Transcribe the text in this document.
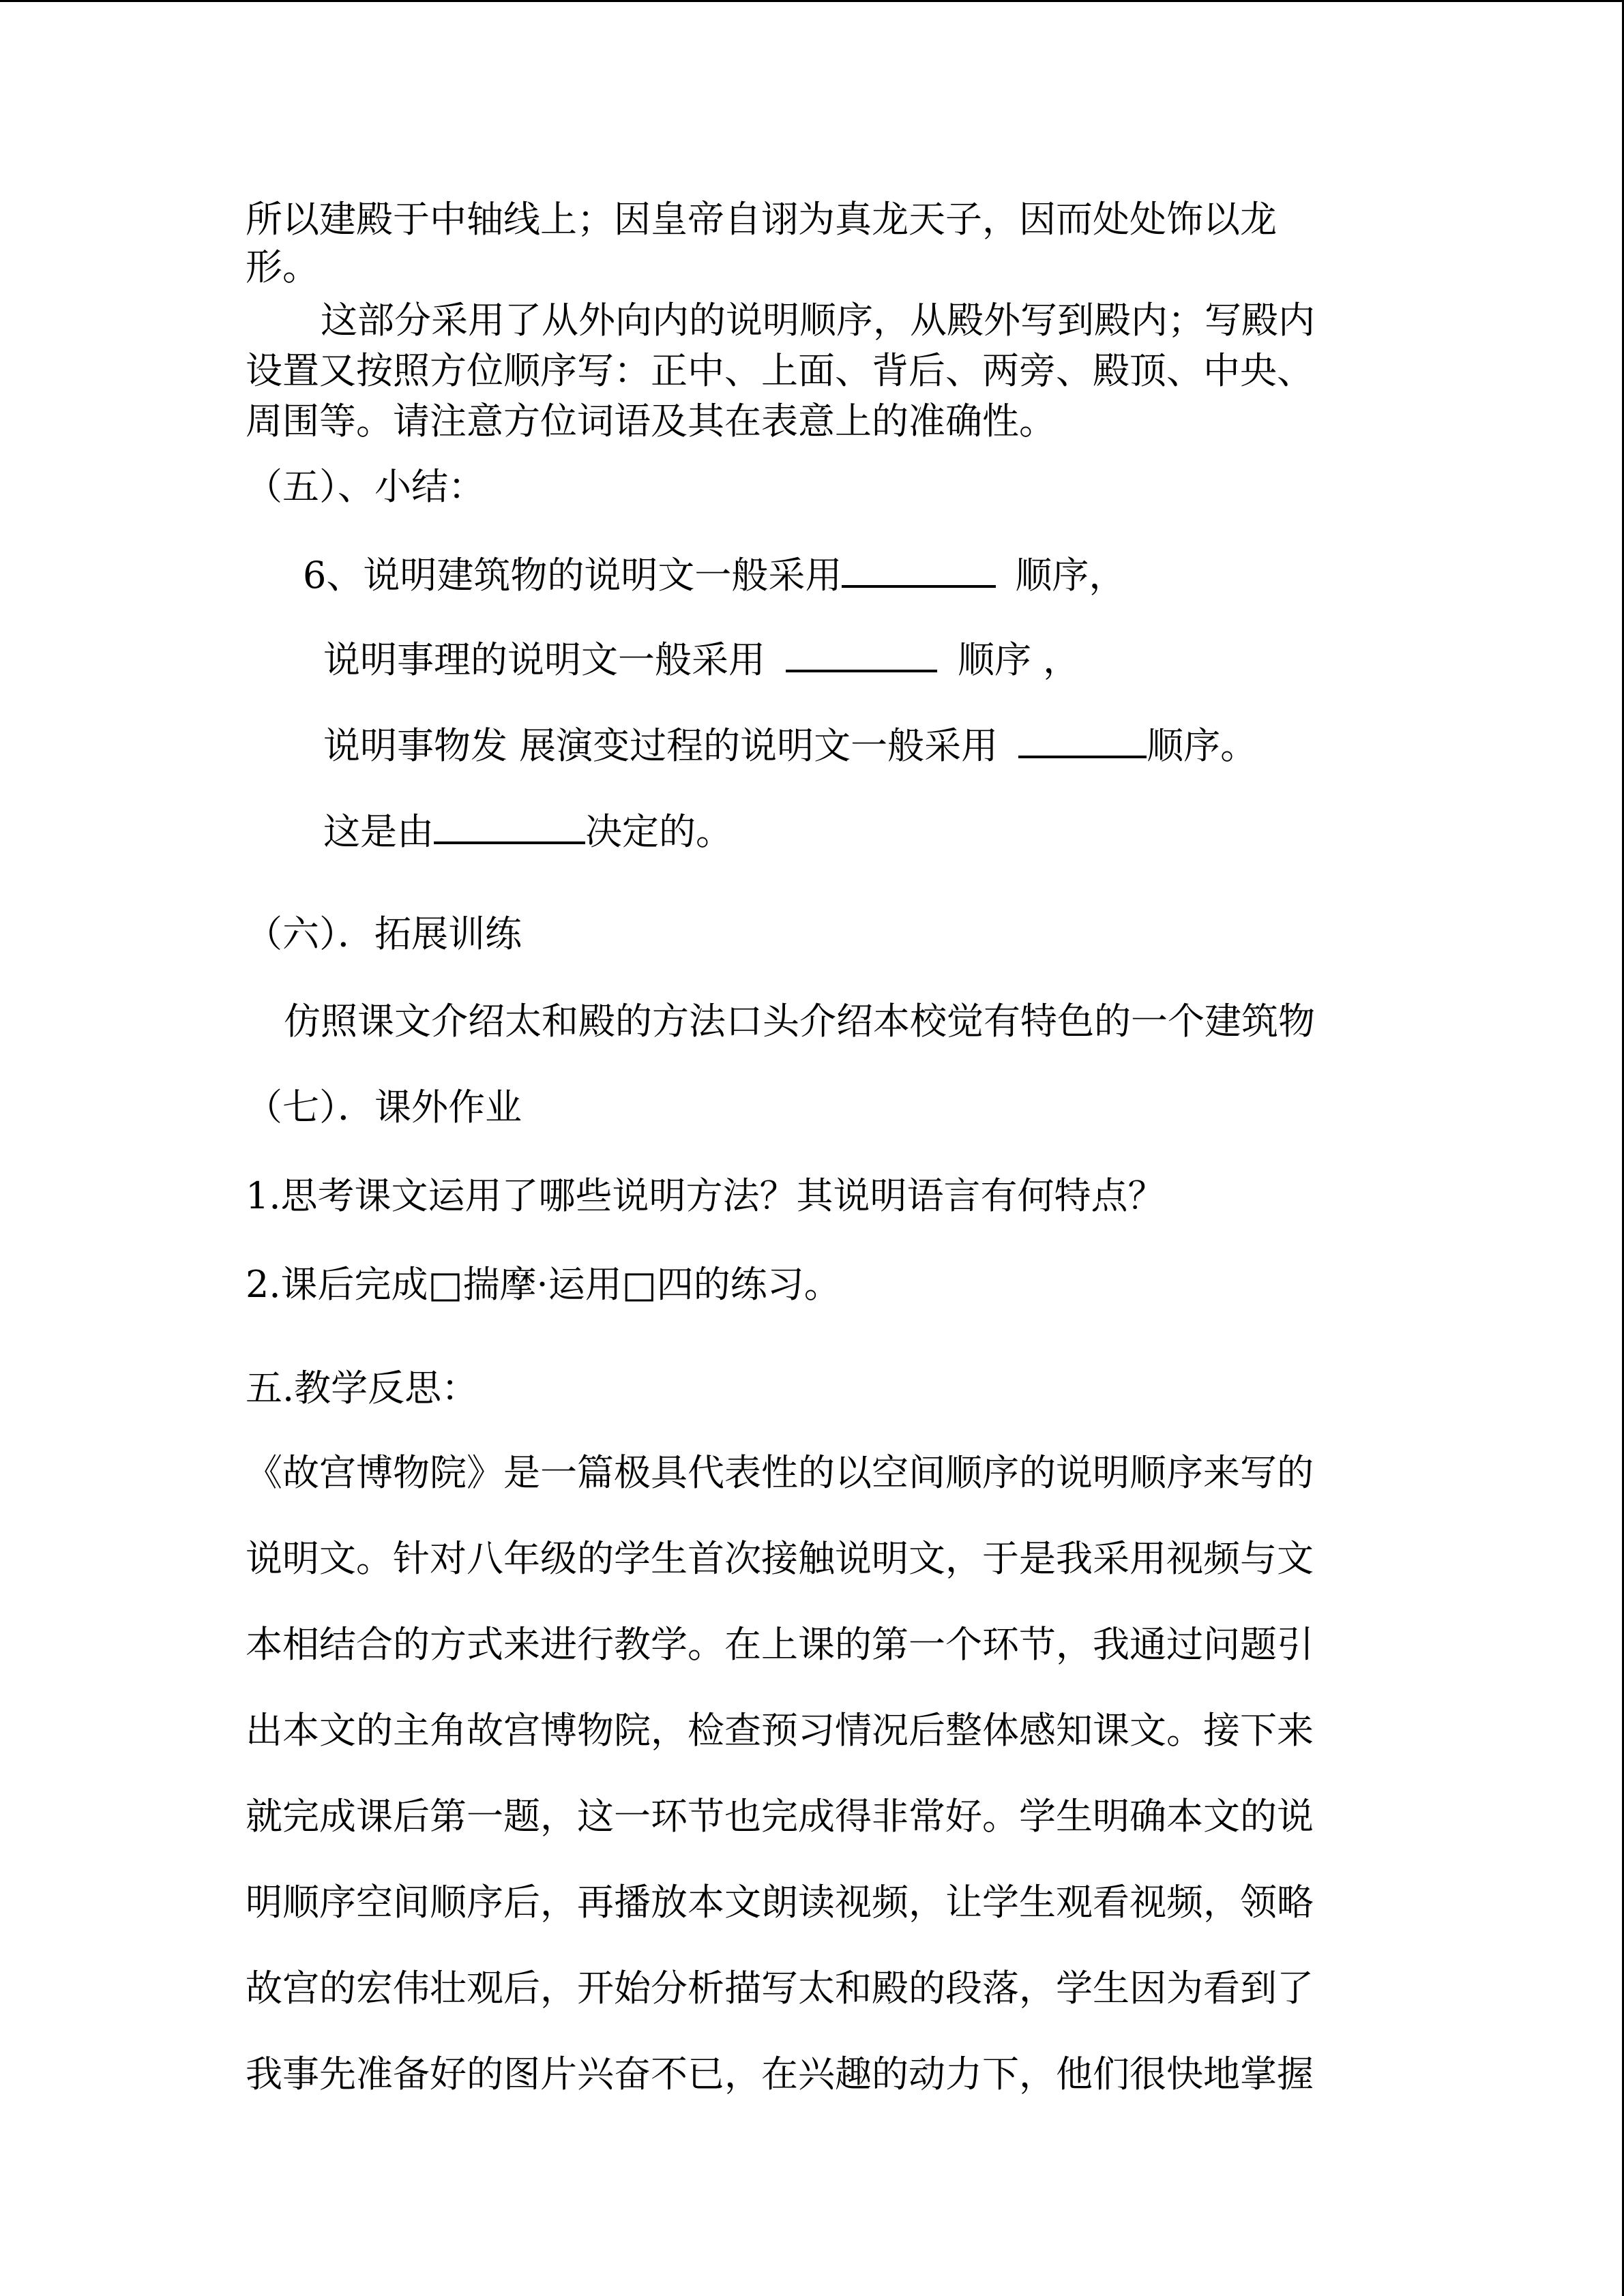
所以建殿于中轴线上；因皇帝自诩为真龙天子，因而处处饰以龙
形。
这部分采用了从外向内的说明顺序，从殿外写到殿内；写殿内
设置又按照方位顺序写：正中、上面、背后、两旁、殿顶、中央、
周围等。请注意方位词语及其在表意上的准确性。
（五）、小结：
6、说明建筑物的说明文一般采用	顺序，
说明事理的说明文一般采用	顺序 ，
说明事物发 展演变过程的说明文一般采用	顺序。
这是由	决定的。
（六）．拓展训练
仿照课文介绍太和殿的方法口头介绍本校觉有特色的一个建筑物
（七）．课外作业
1.思考课文运用了哪些说明方法？其说明语言有何特点？
2.课后完成□揣摩·运用□四的练习。
五.教学反思：
《故宫博物院》是一篇极具代表性的以空间顺序的说明顺序来写的
说明文。针对八年级的学生首次接触说明文，于是我采用视频与文
本相结合的方式来进行教学。在上课的第一个环节，我通过问题引
出本文的主角故宫博物院，检查预习情况后整体感知课文。接下来
就完成课后第一题，这一环节也完成得非常好。学生明确本文的说
明顺序空间顺序后，再播放本文朗读视频，让学生观看视频，领略
故宫的宏伟壮观后，开始分析描写太和殿的段落，学生因为看到了
我事先准备好的图片兴奋不已，在兴趣的动力下，他们很快地掌握
